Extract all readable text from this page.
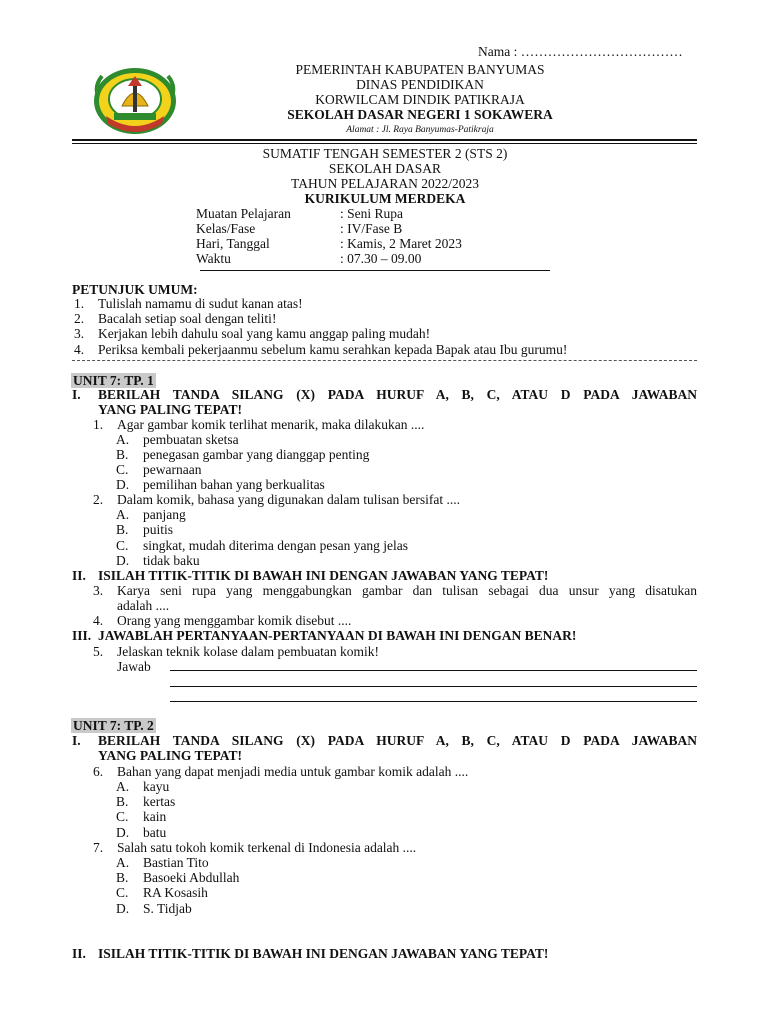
Nama : ………………………………
PEMERINTAH KABUPATEN BANYUMAS
DINAS PENDIDIKAN
KORWILCAM DINDIK PATIKRAJA
SEKOLAH DASAR NEGERI 1 SOKAWERA
Alamat : Jl. Raya Banyumas-Patikraja
SUMATIF TENGAH SEMESTER 2 (STS 2)
SEKOLAH DASAR
TAHUN PELAJARAN 2022/2023
KURIKULUM MERDEKA
Muatan Pelajaran	: Seni Rupa
Kelas/Fase	: IV/Fase B
Hari, Tanggal	: Kamis, 2 Maret 2023
Waktu	: 07.30 – 09.00
PETUNJUK UMUM:
1. Tulislah namamu di sudut kanan atas!
2. Bacalah setiap soal dengan teliti!
3. Kerjakan lebih dahulu soal yang kamu anggap paling mudah!
4. Periksa kembali pekerjaanmu sebelum kamu serahkan kepada Bapak atau Ibu gurumu!
UNIT 7: TP. 1
I. BERILAH TANDA SILANG (X) PADA HURUF A, B, C, ATAU D PADA JAWABAN
YANG PALING TEPAT!
1. Agar gambar komik terlihat menarik, maka dilakukan ....
A. pembuatan sketsa
B. penegasan gambar yang dianggap penting
C. pewarnaan
D. pemilihan bahan yang berkualitas
2. Dalam komik, bahasa yang digunakan dalam tulisan bersifat ....
A. panjang
B. puitis
C. singkat, mudah diterima dengan pesan yang jelas
D. tidak baku
II. ISILAH TITIK-TITIK DI BAWAH INI DENGAN JAWABAN YANG TEPAT!
3. Karya seni rupa yang menggabungkan gambar dan tulisan sebagai dua unsur yang disatukan
adalah ....
4. Orang yang menggambar komik disebut ....
III. JAWABLAH PERTANYAAN-PERTANYAAN DI BAWAH INI DENGAN BENAR!
5. Jelaskan teknik kolase dalam pembuatan komik!
Jawab
UNIT 7: TP. 2
I. BERILAH TANDA SILANG (X) PADA HURUF A, B, C, ATAU D PADA JAWABAN
YANG PALING TEPAT!
6. Bahan yang dapat menjadi media untuk gambar komik adalah ....
A. kayu
B. kertas
C. kain
D. batu
7. Salah satu tokoh komik terkenal di Indonesia adalah ....
A. Bastian Tito
B. Basoeki Abdullah
C. RA Kosasih
D. S. Tidjab
II. ISILAH TITIK-TITIK DI BAWAH INI DENGAN JAWABAN YANG TEPAT!
